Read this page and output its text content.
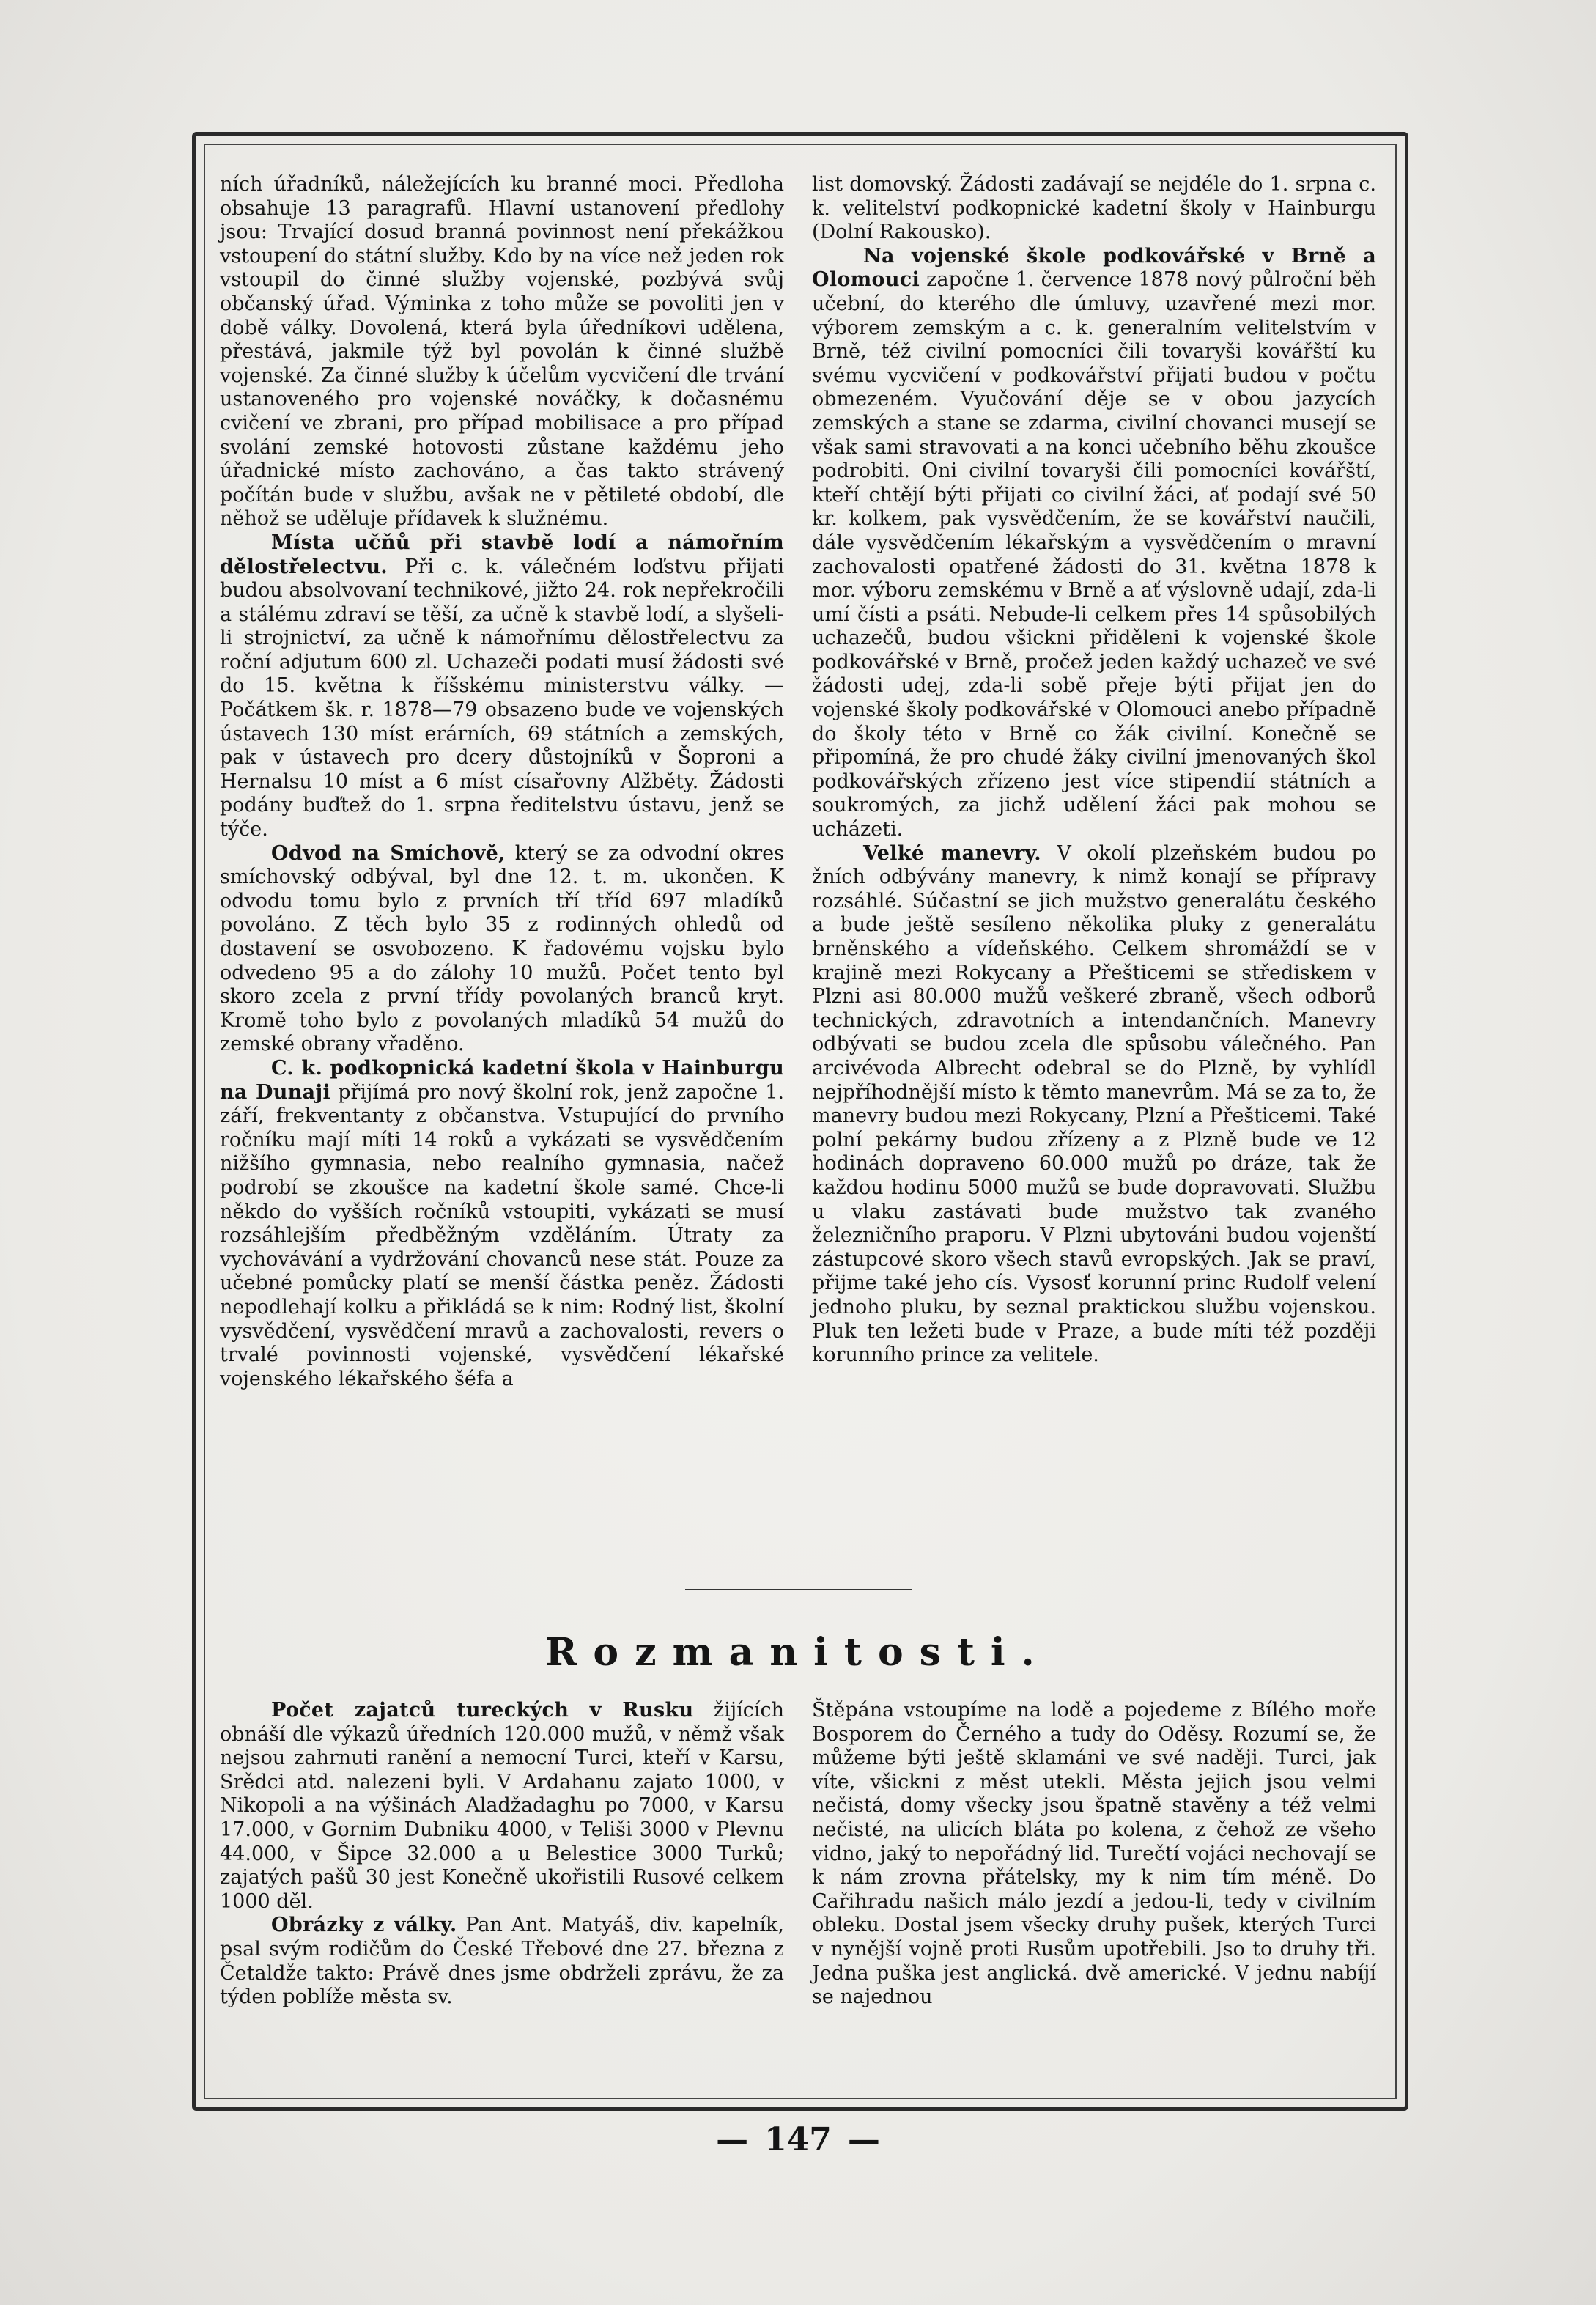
ních úřadníků, náležejících ku branné moci. Předloha obsahuje 13 paragrafů. Hlavní ustanovení předlohy jsou: Trvající dosud branná povinnost není překážkou vstoupení do státní služby. Kdo by na více než jeden rok vstoupil do činné služby vojenské, pozbývá svůj občanský úřad. Výminka z toho může se povoliti jen v době války. Dovolená, která byla úředníkovi udělena, přestává, jakmile týž byl povolán k činné službě vojenské. Za činné služby k účelům vycvičení dle trvání ustanoveného pro vojenské nováčky, k dočasnému cvičení ve zbrani, pro případ mobilisace a pro případ svolání zemské hotovosti zůstane každému jeho úřadnické místo zachováno, a čas takto strávený počítán bude v službu, avšak ne v pětileté období, dle něhož se uděluje přídavek k služnému.

Místa učňů při stavbě lodí a námořním dělostřelectvu. Při c. k. válečném loďstvu přijati budou absolvovaní technikové, jižto 24. rok nepřekročili a stálému zdraví se těší, za učně k stavbě lodí, a slyšeli-li strojnictví, za učně k námořnímu dělostřelectvu za roční adjutum 600 zl. Uchazeči podati musí žádosti své do 15. května k říšskému ministerstvu války. — Počátkem šk. r. 1878—79 obsazeno bude ve vojenských ústavech 130 míst erárních, 69 státních a zemských, pak v ústavech pro dcery důstojníků v Šoproni a Hernalsu 10 míst a 6 míst císařovny Alžběty. Žádosti podány buďtež do 1. srpna ředitelstvu ústavu, jenž se týče.

Odvod na Smíchově, který se za odvodní okres smíchovský odbýval, byl dne 12. t. m. ukončen. K odvodu tomu bylo z prvních tří tříd 697 mladíků povoláno. Z těch bylo 35 z rodinných ohledů od dostavení se osvobozeno. K řadovému vojsku bylo odvedeno 95 a do zálohy 10 mužů. Počet tento byl skoro zcela z první třídy povolaných branců kryt. Kromě toho bylo z povolaných mladíků 54 mužů do zemské obrany vřaděno.

C. k. podkopnická kadetní škola v Hainburgu na Dunaji přijímá pro nový školní rok, jenž započne 1. září, frekventanty z občanstva. Vstupující do prvního ročníku mají míti 14 roků a vykázati se vysvědčením nižšího gymnasia, nebo realního gymnasia, načež podrobí se zkoušce na kadetní škole samé. Chce-li někdo do vyšších ročníků vstoupiti, vykázati se musí rozsáhlejším předběžným vzděláním. Útraty za vychovávání a vydržování chovanců nese stát. Pouze za učebné pomůcky platí se menší částka peněz. Žádosti nepodlehají kolku a přikládá se k nim: Rodný list, školní vysvědčení, vysvědčení mravů a zachovalosti, revers o trvalé povinnosti vojenské, vysvědčení lékařské vojenského lékařského šéfa a

list domovský. Žádosti zadávají se nejdéle do 1. srpna c. k. velitelství podkopnické kadetní školy v Hainburgu (Dolní Rakousko).

Na vojenské škole podkovářské v Brně a Olomouci započne 1. července 1878 nový půlroční běh učební, do kterého dle úmluvy, uzavřené mezi mor. výborem zemským a c. k. generalním velitelstvím v Brně, též civilní pomocníci čili tovaryši kovářští ku svému vycvičení v podkovářství přijati budou v počtu obmezeném. Vyučování děje se v obou jazycích zemských a stane se zdarma, civilní chovanci musejí se však sami stravovati a na konci učebního běhu zkoušce podrobiti. Oni civilní tovaryši čili pomocníci kovářští, kteří chtějí býti přijati co civilní žáci, ať podají své 50 kr. kolkem, pak vysvědčením, že se kovářství naučili, dále vysvědčením lékařským a vysvědčením o mravní zachovalosti opatřené žádosti do 31. května 1878 k mor. výboru zemskému v Brně a ať výslovně udají, zda-li umí čísti a psáti. Nebude-li celkem přes 14 spůsobilých uchazečů, budou všickni přiděleni k vojenské škole podkovářské v Brně, pročež jeden každý uchazeč ve své žádosti udej, zda-li sobě přeje býti přijat jen do vojenské školy podkovářské v Olomouci anebo případně do školy této v Brně co žák civilní. Konečně se připomíná, že pro chudé žáky civilní jmenovaných škol podkovářských zřízeno jest více stipendií státních a soukromých, za jichž udělení žáci pak mohou se ucházeti.

Velké manevry. V okolí plzeňském budou po žních odbývány manevry, k nimž konají se přípravy rozsáhlé. Súčastní se jich mužstvo generalátu českého a bude ještě sesíleno několika pluky z generalátu brněnského a vídeňského. Celkem shromáždí se v krajině mezi Rokycany a Přešticemi se střediskem v Plzni asi 80.000 mužů veškeré zbraně, všech odborů technických, zdravotních a intendančních. Manevry odbývati se budou zcela dle spůsobu válečného. Pan arcivévoda Albrecht odebral se do Plzně, by vyhlídl nejpříhodnější místo k těmto manevrům. Má se za to, že manevry budou mezi Rokycany, Plzní a Přešticemi. Také polní pekárny budou zřízeny a z Plzně bude ve 12 hodinách dopraveno 60.000 mužů po dráze, tak že každou hodinu 5000 mužů se bude dopravovati. Službu u vlaku zastávati bude mužstvo tak zvaného železničního praporu. V Plzni ubytováni budou vojenští zástupcové skoro všech stavů evropských. Jak se praví, přijme také jeho cís. Vysosť korunní princ Rudolf velení jednoho pluku, by seznal praktickou službu vojenskou. Pluk ten ležeti bude v Praze, a bude míti též později korunního prince za velitele.

Rozmanitosti.

Počet zajatců tureckých v Rusku žijících obnáší dle výkazů úředních 120.000 mužů, v němž však nejsou zahrnuti ranění a nemocní Turci, kteří v Karsu, Srědci atd. nalezeni byli. V Ardahanu zajato 1000, v Nikopoli a na výšinách Aladžadaghu po 7000, v Karsu 17.000, v Gornim Dubniku 4000, v Teliši 3000 v Plevnu 44.000, v Šipce 32.000 a u Belestice 3000 Turků; zajatých pašů 30 jest Konečně ukořistili Rusové celkem 1000 děl.

Obrázky z války. Pan Ant. Matyáš, div. kapelník, psal svým rodičům do České Třebové dne 27. března z Četaldže takto: Právě dnes jsme obdrželi zprávu, že za týden poblíže města sv.

Štěpána vstoupíme na lodě a pojedeme z Bílého moře Bosporem do Černého a tudy do Oděsy. Rozumí se, že můžeme býti ještě sklamáni ve své naději. Turci, jak víte, všickni z měst utekli. Města jejich jsou velmi nečistá, domy všecky jsou špatně stavěny a též velmi nečisté, na ulicích bláta po kolena, z čehož ze všeho vidno, jaký to nepořádný lid. Turečtí vojáci nechovají se k nám zrovna přátelsky, my k nim tím méně. Do Cařihradu našich málo jezdí a jedou-li, tedy v civilním obleku. Dostal jsem všecky druhy pušek, kterých Turci v nynější vojně proti Rusům upotřebili. Jso to druhy tři. Jedna puška jest anglická. dvě americké. V jednu nabíjí se najednou

— 147 —
